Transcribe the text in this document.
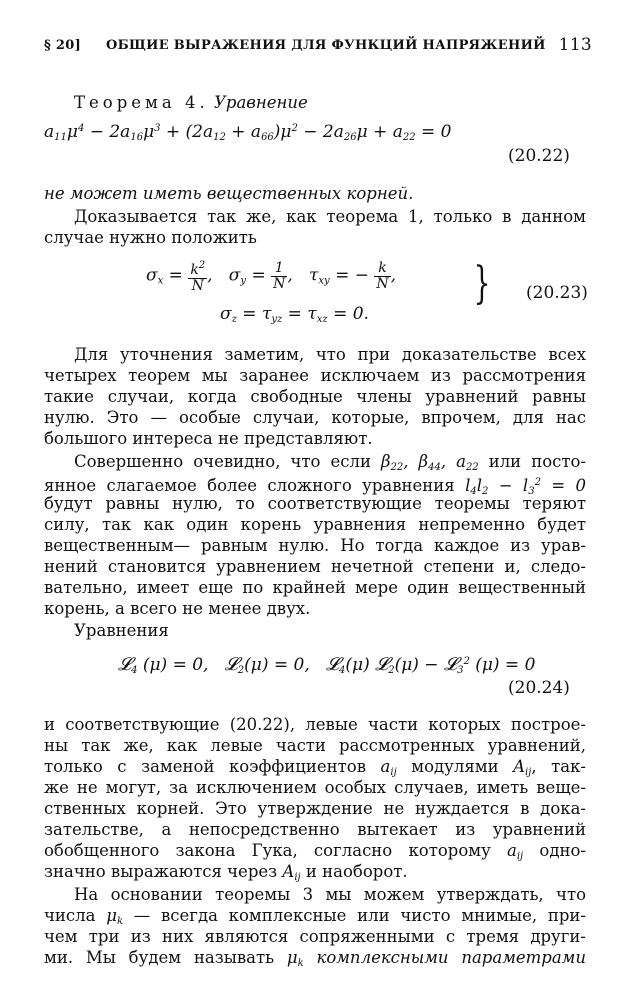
§ 20] ОБЩИЕ ВЫРАЖЕНИЯ ДЛЯ ФУНКЦИЙ НАПРЯЖЕНИЙ 113
Теорема 4. Уравнение
$a_{11}\mu^4 - 2a_{16}\mu^3 + (2a_{12} + a_{66})\mu^2 - 2a_{26}\mu + a_{22} = 0$
(20.22)
не может иметь вещественных корней.
Доказывается так же, как теорема 1, только в данном
случае нужно положить
$\sigma_x = \frac{k^2}{N}$ ,   $\sigma_y = \frac{1}{N}$ ,   $\tau_{xy}$ = − $\frac{k}{N}$ ,
$\sigma_z = \tau_{yz} = \tau_{xz} = 0$.
} (20.23)
Для уточнения заметим, что при доказательстве всех
четырех теорем мы заранее исключаем из рассмотрения
такие случаи, когда свободные члены уравнений равны
нулю. Это — особые случаи, которые, впрочем, для нас
большого интереса не представляют.
Совершенно очевидно, что если $\beta_{22}$, $\beta_{44}$, $a_{22}$ или посто-
янное слагаемое более сложного уравнения $l_4l_2 - l_3^2 = 0$
будут равны нулю, то соответствующие теоремы теряют
силу, так как один корень уравнения непременно будет
вещественным— равным нулю. Но тогда каждое из урав-
нений становится уравнением нечетной степени и, следо-
вательно, имеет еще по крайней мере один вещественный
корень, а всего не менее двух.
Уравнения
𝓛$_4$ (μ) = 0,   𝓛$_2$(μ) = 0,   𝓛$_4$(μ) 𝓛$_2$(μ) − 𝓛$_3^2$ (μ) = 0
(20.24)
и соответствующие (20.22), левые части которых построе-
ны так же, как левые части рассмотренных уравнений,
только с заменой коэффициентов $a_{ij}$ модулями $A_{ij}$, так-
же не могут, за исключением особых случаев, иметь веще-
ственных корней. Это утверждение не нуждается в дока-
зательстве, а непосредственно вытекает из уравнений
обобщенного закона Гука, согласно которому $a_{ij}$ одно-
значно выражаются через $A_{ij}$ и наоборот.
На основании теоремы 3 мы можем утверждать, что
числа $\mu_k$ — всегда комплексные или чисто мнимые, при-
чем три из них являются сопряженными с тремя други-
ми. Мы будем называть $\mu_k$ комплексными параметрами
